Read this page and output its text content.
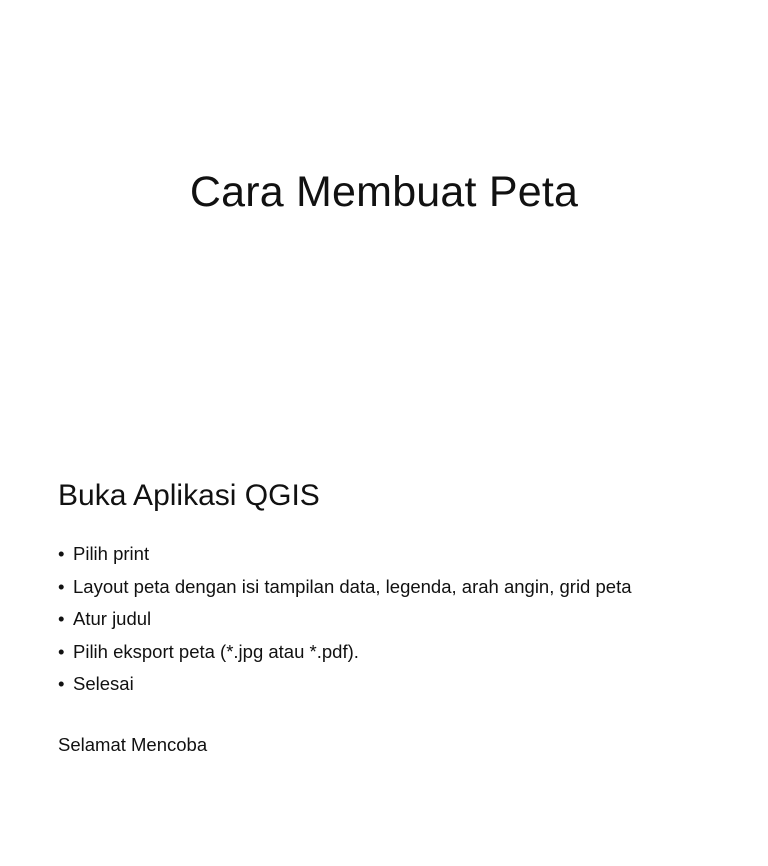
Cara Membuat Peta
Buka Aplikasi QGIS
• Pilih print
• Layout peta dengan isi tampilan data, legenda, arah angin, grid peta
• Atur judul
• Pilih eksport peta (*.jpg atau *.pdf).
• Selesai
Selamat Mencoba
